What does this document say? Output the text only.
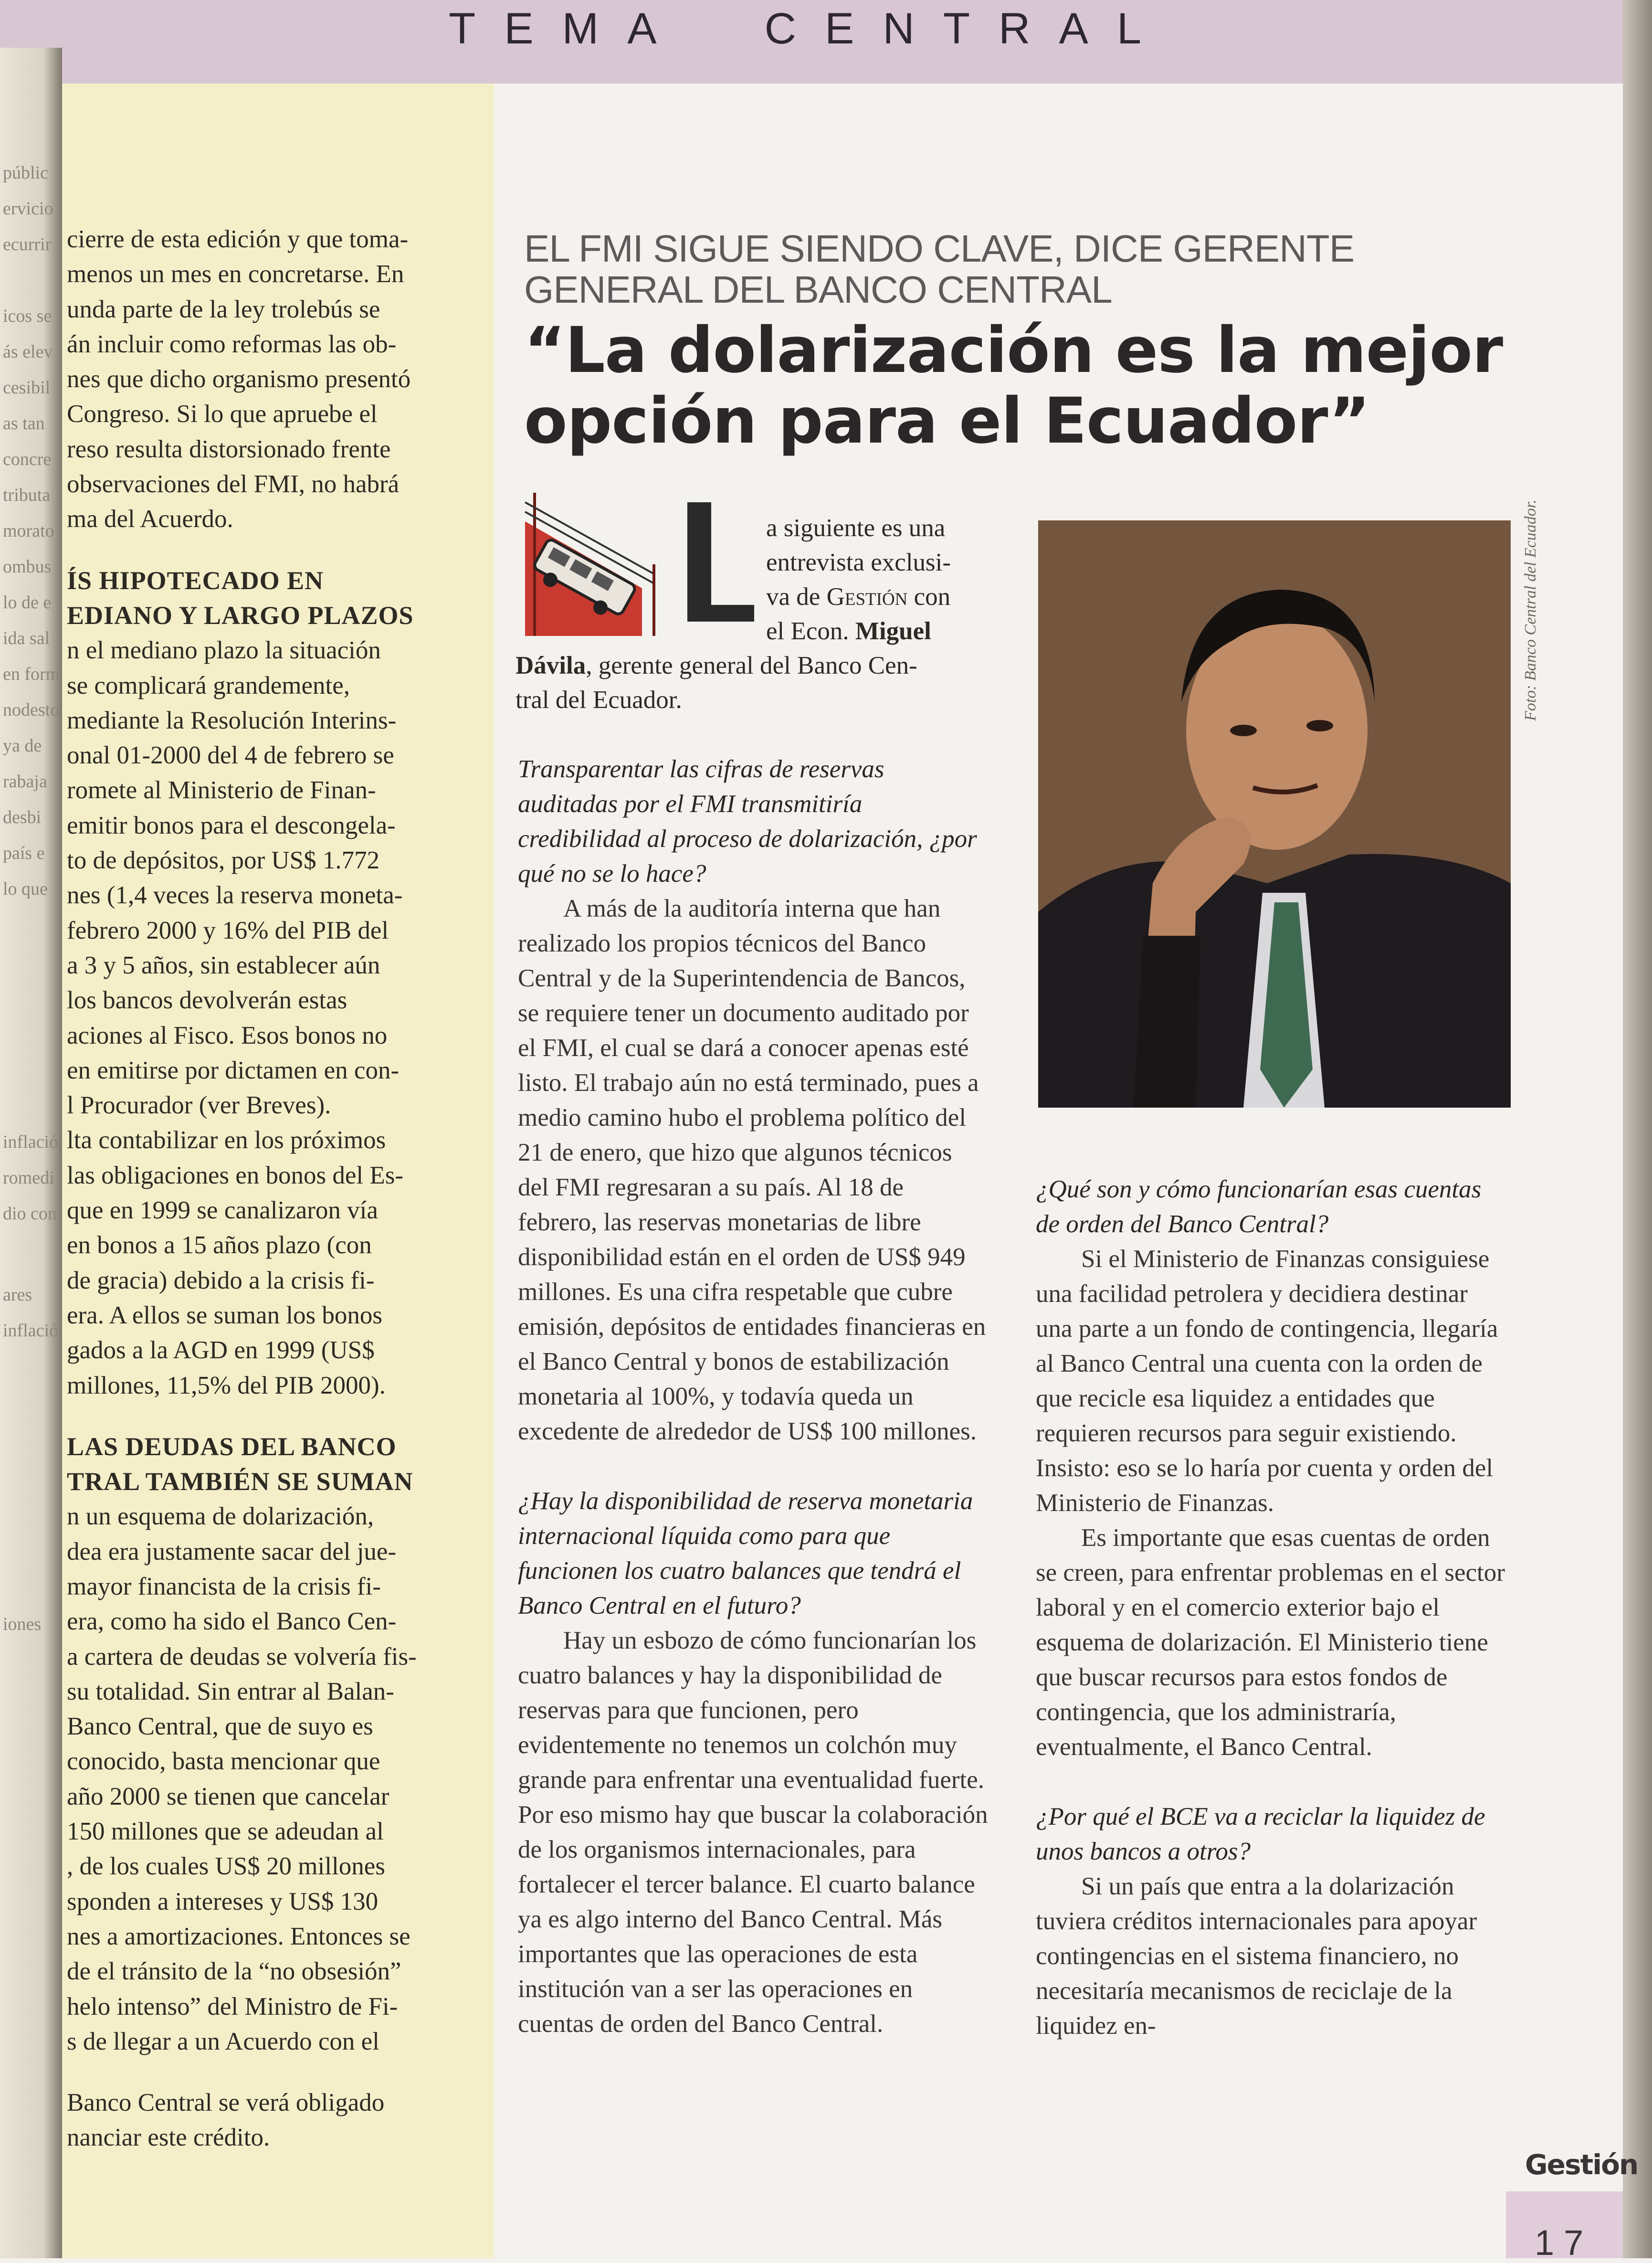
TEMA  CENTRAL
públic
ervicio
ecurrir
icos se
ás elev
cesibil
as tan
concre
tributa
morato
ombus
lo de e
ida sal
en form
nodesto
ya de
rabaja
desbi
país e
lo que
inflació
romedi
dio con
ares
inflació
iones

cierre de esta edición y que toma-

menos un mes en concretarse. En

unda parte de la ley trolebús se

án incluir como reformas las ob-

nes que dicho organismo presentó

Congreso. Si lo que apruebe el

reso resulta distorsionado frente

observaciones del FMI, no habrá

ma del Acuerdo.

ÍS HIPOTECADO EN

EDIANO Y LARGO PLAZOS

n el mediano plazo la situación

se complicará grandemente,

mediante la Resolución Interins-

onal 01-2000 del 4 de febrero se

romete al Ministerio de Finan-

emitir bonos para el descongela-

to de depósitos, por US$ 1.772

nes (1,4 veces la reserva moneta-

febrero 2000 y 16% del PIB del

a 3 y 5 años, sin establecer aún

los bancos devolverán estas

aciones al Fisco. Esos bonos no

en emitirse por dictamen en con-

l Procurador (ver Breves).

lta contabilizar en los próximos

las obligaciones en bonos del Es-

que en 1999 se canalizaron vía

en bonos a 15 años plazo (con

de gracia) debido a la crisis fi-

era. A ellos se suman los bonos

gados a la AGD en 1999 (US$

millones, 11,5% del PIB 2000).

LAS DEUDAS DEL BANCO

TRAL TAMBIÉN SE SUMAN

n un esquema de dolarización,

dea era justamente sacar del jue-

mayor financista de la crisis fi-

era, como ha sido el Banco Cen-

a cartera de deudas se volvería fis-

su totalidad. Sin entrar al Balan-

Banco Central, que de suyo es

conocido, basta mencionar que

año 2000 se tienen que cancelar

150 millones que se adeudan al

, de los cuales US$ 20 millones

sponden a intereses y US$ 130

nes a amortizaciones. Entonces se

de el tránsito de la “no obsesión”

helo intenso” del Ministro de Fi-

s de llegar a un Acuerdo con el

Banco Central se verá obligado

nanciar este crédito.

EL FMI SIGUE SIENDO CLAVE, DICE GERENTE GENERAL DEL BANCO CENTRAL
“La dolarización es la mejor opción para el Ecuador”
a siguiente es una
entrevista exclusi-
va de Gestión con
el Econ. Miguel
Dávila, gerente general del Banco Cen-
tral del Ecuador.

Transparentar las cifras de reservas auditadas por el FMI transmitiría credibilidad al proceso de dolarización, ¿por qué no se lo hace?

A más de la auditoría interna que han realizado los propios técnicos del Banco Central y de la Superintendencia de Bancos, se requiere tener un documento auditado por el FMI, el cual se dará a conocer apenas esté listo. El trabajo aún no está terminado, pues a medio camino hubo el problema político del 21 de enero, que hizo que algunos técnicos del FMI regresaran a su país. Al 18 de febrero, las reservas monetarias de libre disponibilidad están en el orden de US$ 949 millones. Es una cifra respetable que cubre emisión, depósitos de entidades financieras en el Banco Central y bonos de estabilización monetaria al 100%, y todavía queda un excedente de alrededor de US$ 100 millones.

¿Hay la disponibilidad de reserva monetaria internacional líquida como para que funcionen los cuatro balances que tendrá el Banco Central en el futuro?

Hay un esbozo de cómo funcionarían los cuatro balances y hay la disponibilidad de reservas para que funcionen, pero evidentemente no tenemos un colchón muy grande para enfrentar una eventualidad fuerte. Por eso mismo hay que buscar la colaboración de los organismos internacionales, para fortalecer el tercer balance. El cuarto balance ya es algo interno del Banco Central. Más importantes que las operaciones de esta institución van a ser las operaciones en cuentas de orden del Banco Central.

Foto: Banco Central del Ecuador.

¿Qué son y cómo funcionarían esas cuentas de orden del Banco Central?

Si el Ministerio de Finanzas consiguiese una facilidad petrolera y decidiera destinar una parte a un fondo de contingencia, llegaría al Banco Central una cuenta con la orden de que recicle esa liquidez a entidades que requieren recursos para seguir existiendo. Insisto: eso se lo haría por cuenta y orden del Ministerio de Finanzas.

Es importante que esas cuentas de orden se creen, para enfrentar problemas en el sector laboral y en el comercio exterior bajo el esquema de dolarización. El Ministerio tiene que buscar recursos para estos fondos de contingencia, que los administraría, eventualmente, el Banco Central.

¿Por qué el BCE va a reciclar la liquidez de unos bancos a otros?

Si un país que entra a la dolarización tuviera créditos internacionales para apoyar contingencias en el sistema financiero, no necesitaría mecanismos de reciclaje de la liquidez en-

Gestión
17
